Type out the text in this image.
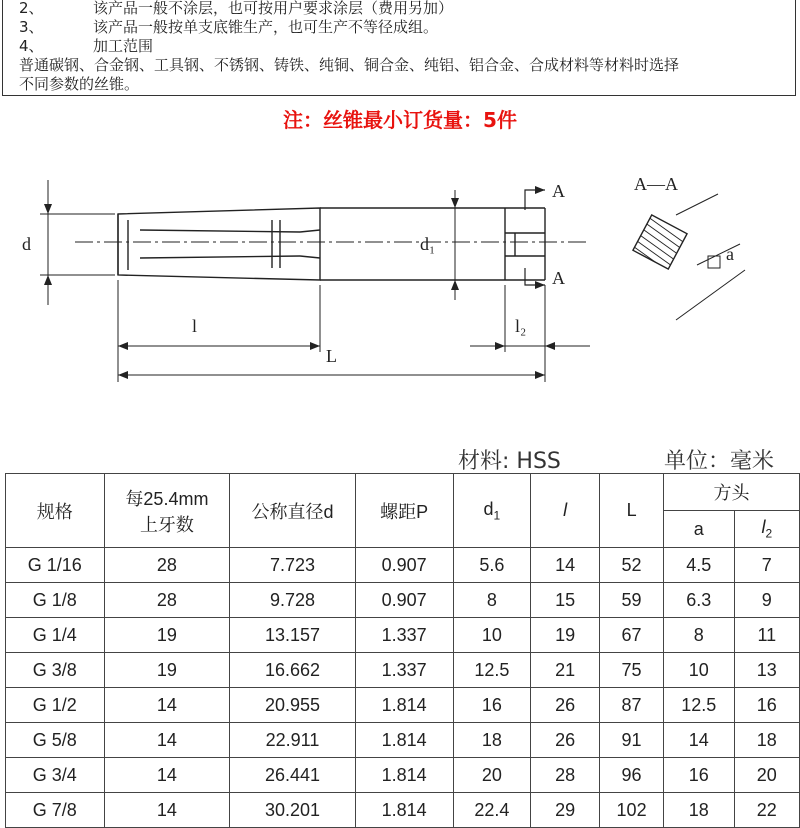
2、	该产品一般不涂层，也可按用户要求涂层（费用另加）
3、	该产品一般按单支底锥生产，也可生产不等径成组。
4、	加工范围
普通碳钢、合金钢、工具钢、不锈钢、铸铁、纯铜、铜合金、纯铝、铝合金、合成材料等材料时选择
不同参数的丝锥。
注：丝锥最小订货量：5件
d	d₁
l
L
l₂
A
A
A—A
a
材料: HSS	单位：毫米
规格	每25.4mm
上牙数	公称直径d	螺距P	$d_1$	l	L	方头	
							a	$l_2$
G 1/16	28	7.723	0.907	5.6	14	52	4.5	7
G 1/8	28	9.728	0.907	8	15	59	6.3	9
G 1/4	19	13.157	1.337	10	19	67	8	11
G 3/8	19	16.662	1.337	12.5	21	75	10	13
G 1/2	14	20.955	1.814	16	26	87	12.5	16
G 5/8	14	22.911	1.814	18	26	91	14	18
G 3/4	14	26.441	1.814	20	28	96	16	20
G 7/8	14	30.201	1.814	22.4	29	102	18	22
